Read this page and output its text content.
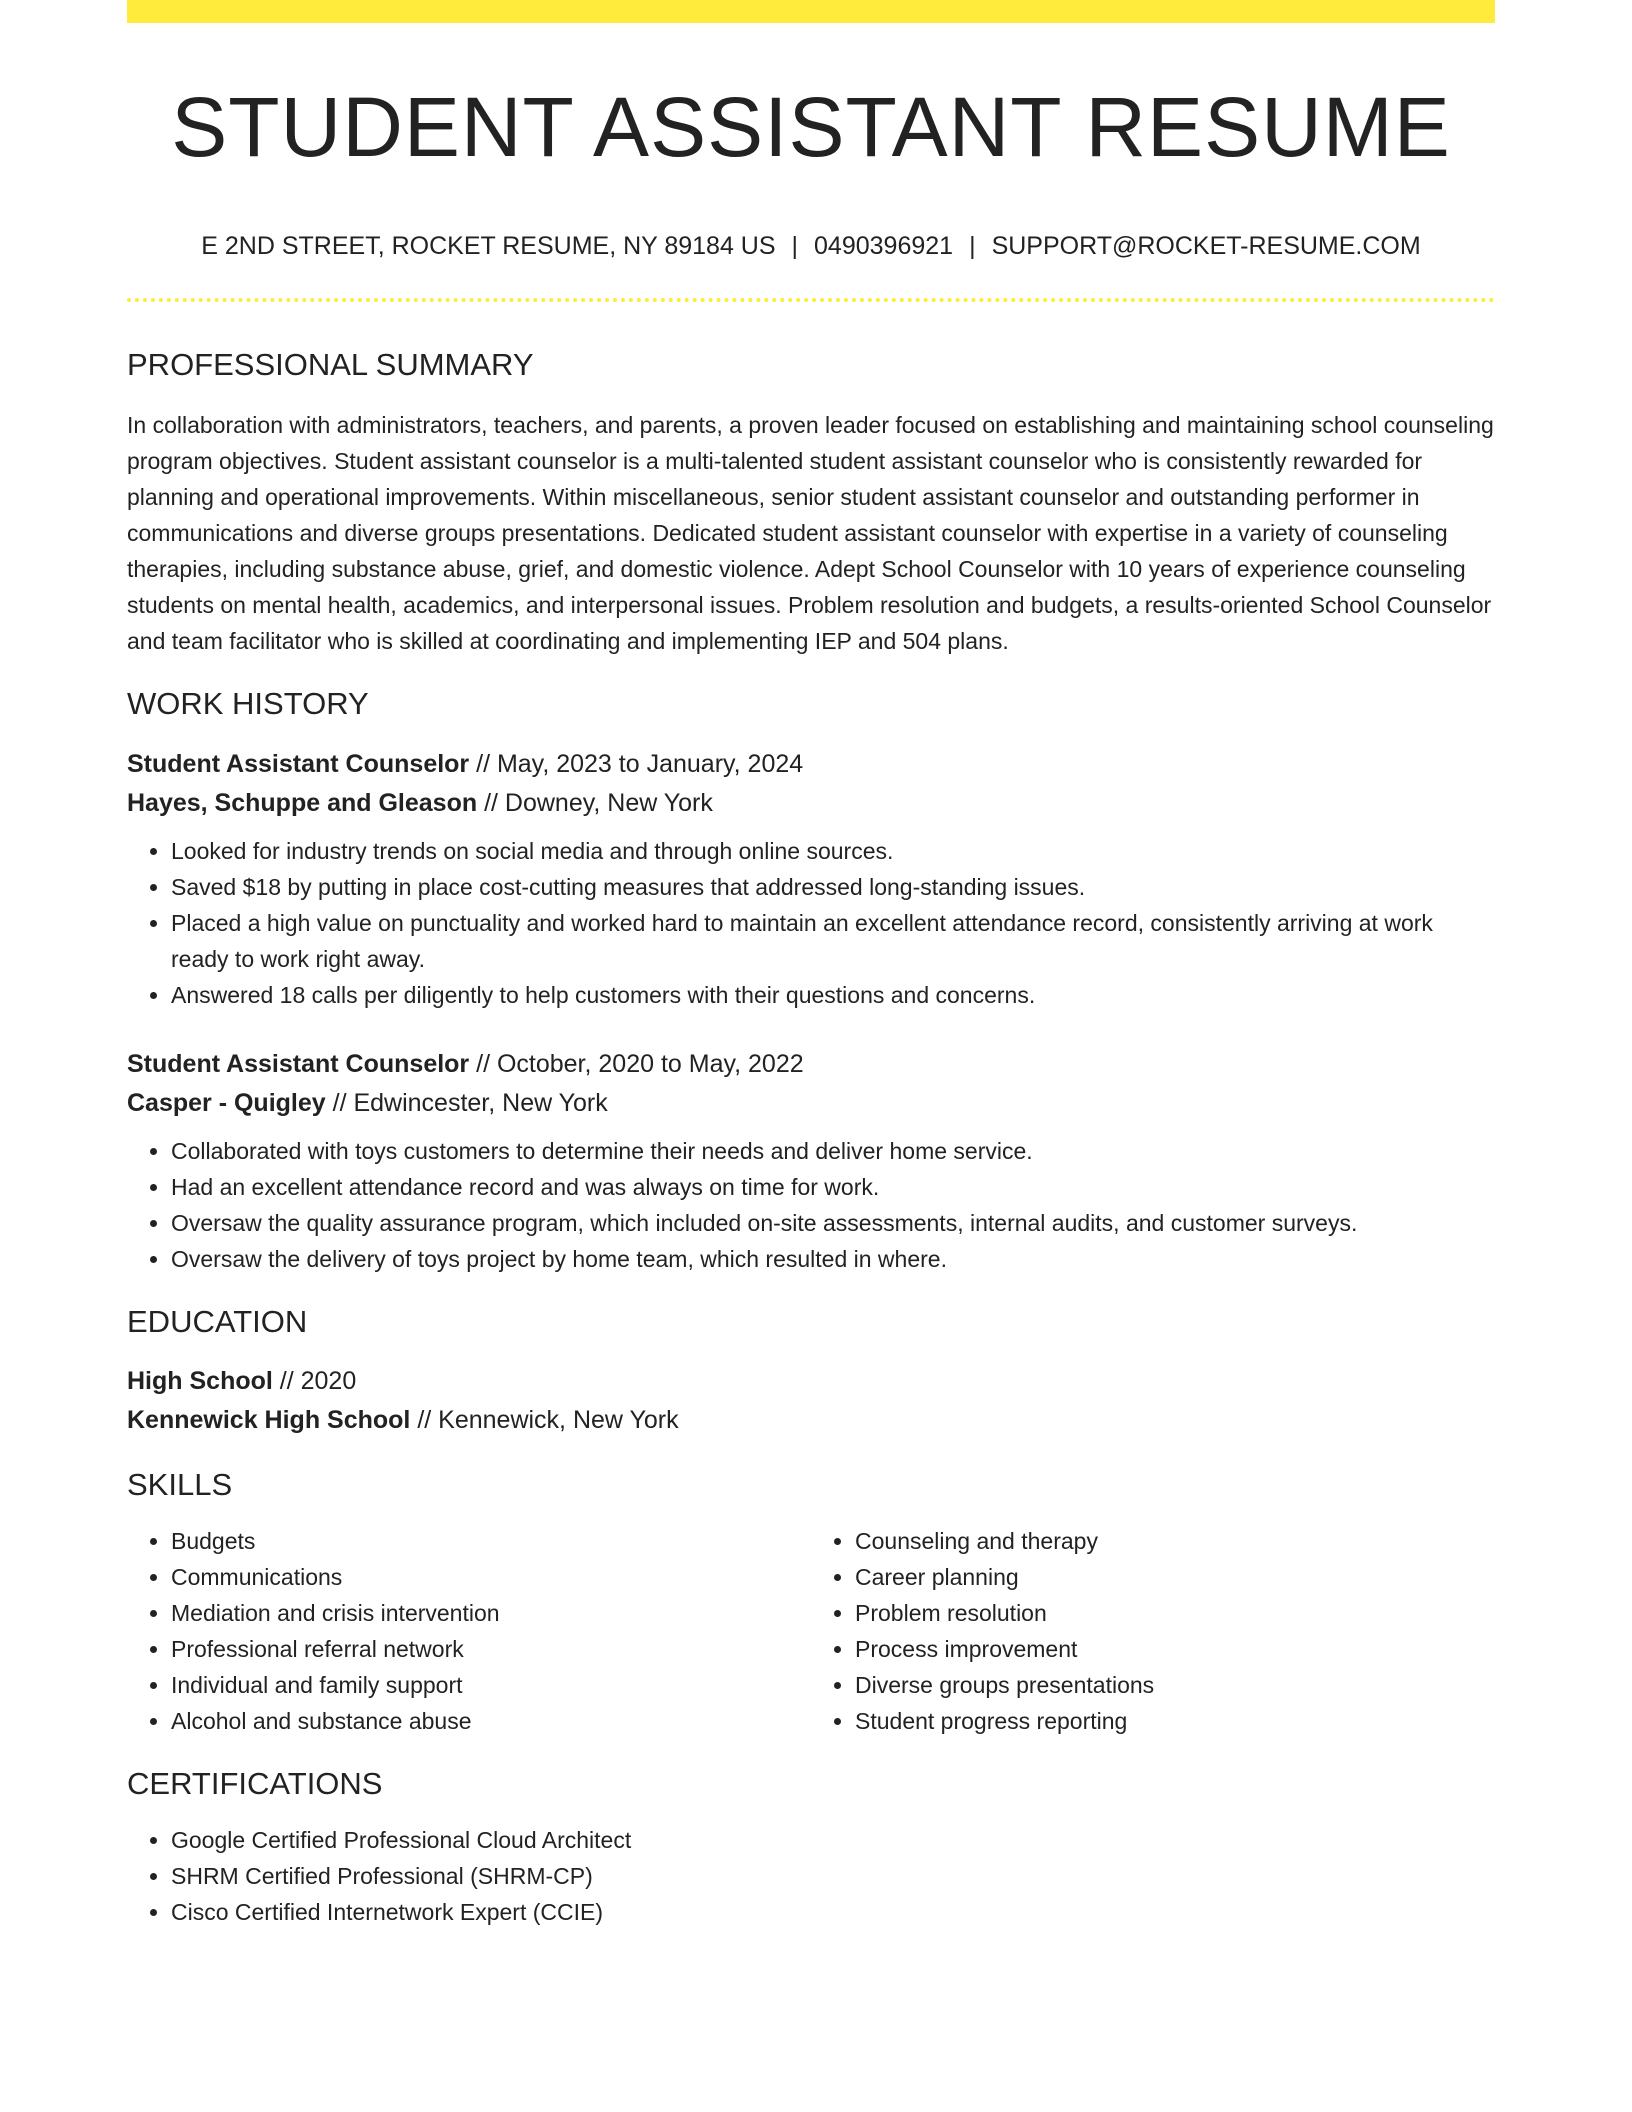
STUDENT ASSISTANT RESUME
E 2ND STREET, ROCKET RESUME, NY 89184 US | 0490396921 | SUPPORT@ROCKET-RESUME.COM
PROFESSIONAL SUMMARY

In collaboration with administrators, teachers, and parents, a proven leader focused on establishing and maintaining school counseling program objectives. Student assistant counselor is a multi-talented student assistant counselor who is consistently rewarded for planning and operational improvements. Within miscellaneous, senior student assistant counselor and outstanding performer in communications and diverse groups presentations. Dedicated student assistant counselor with expertise in a variety of counseling therapies, including substance abuse, grief, and domestic violence. Adept School Counselor with 10 years of experience counseling students on mental health, academics, and interpersonal issues. Problem resolution and budgets, a results-oriented School Counselor and team facilitator who is skilled at coordinating and implementing IEP and 504 plans.

WORK HISTORY
Student Assistant Counselor // May, 2023 to January, 2024
Hayes, Schuppe and Gleason // Downey, New York
• Looked for industry trends on social media and through online sources.
• Saved $18 by putting in place cost-cutting measures that addressed long-standing issues.
• Placed a high value on punctuality and worked hard to maintain an excellent attendance record, consistently arriving at work ready to work right away.
• Answered 18 calls per diligently to help customers with their questions and concerns.
Student Assistant Counselor // October, 2020 to May, 2022
Casper - Quigley // Edwincester, New York
• Collaborated with toys customers to determine their needs and deliver home service.
• Had an excellent attendance record and was always on time for work.
• Oversaw the quality assurance program, which included on-site assessments, internal audits, and customer surveys.
• Oversaw the delivery of toys project by home team, which resulted in where.
EDUCATION
High School // 2020
Kennewick High School // Kennewick, New York
SKILLS
• Budgets
• Communications
• Mediation and crisis intervention
• Professional referral network
• Individual and family support
• Alcohol and substance abuse
• Counseling and therapy
• Career planning
• Problem resolution
• Process improvement
• Diverse groups presentations
• Student progress reporting
CERTIFICATIONS
• Google Certified Professional Cloud Architect
• SHRM Certified Professional (SHRM-CP)
• Cisco Certified Internetwork Expert (CCIE)
